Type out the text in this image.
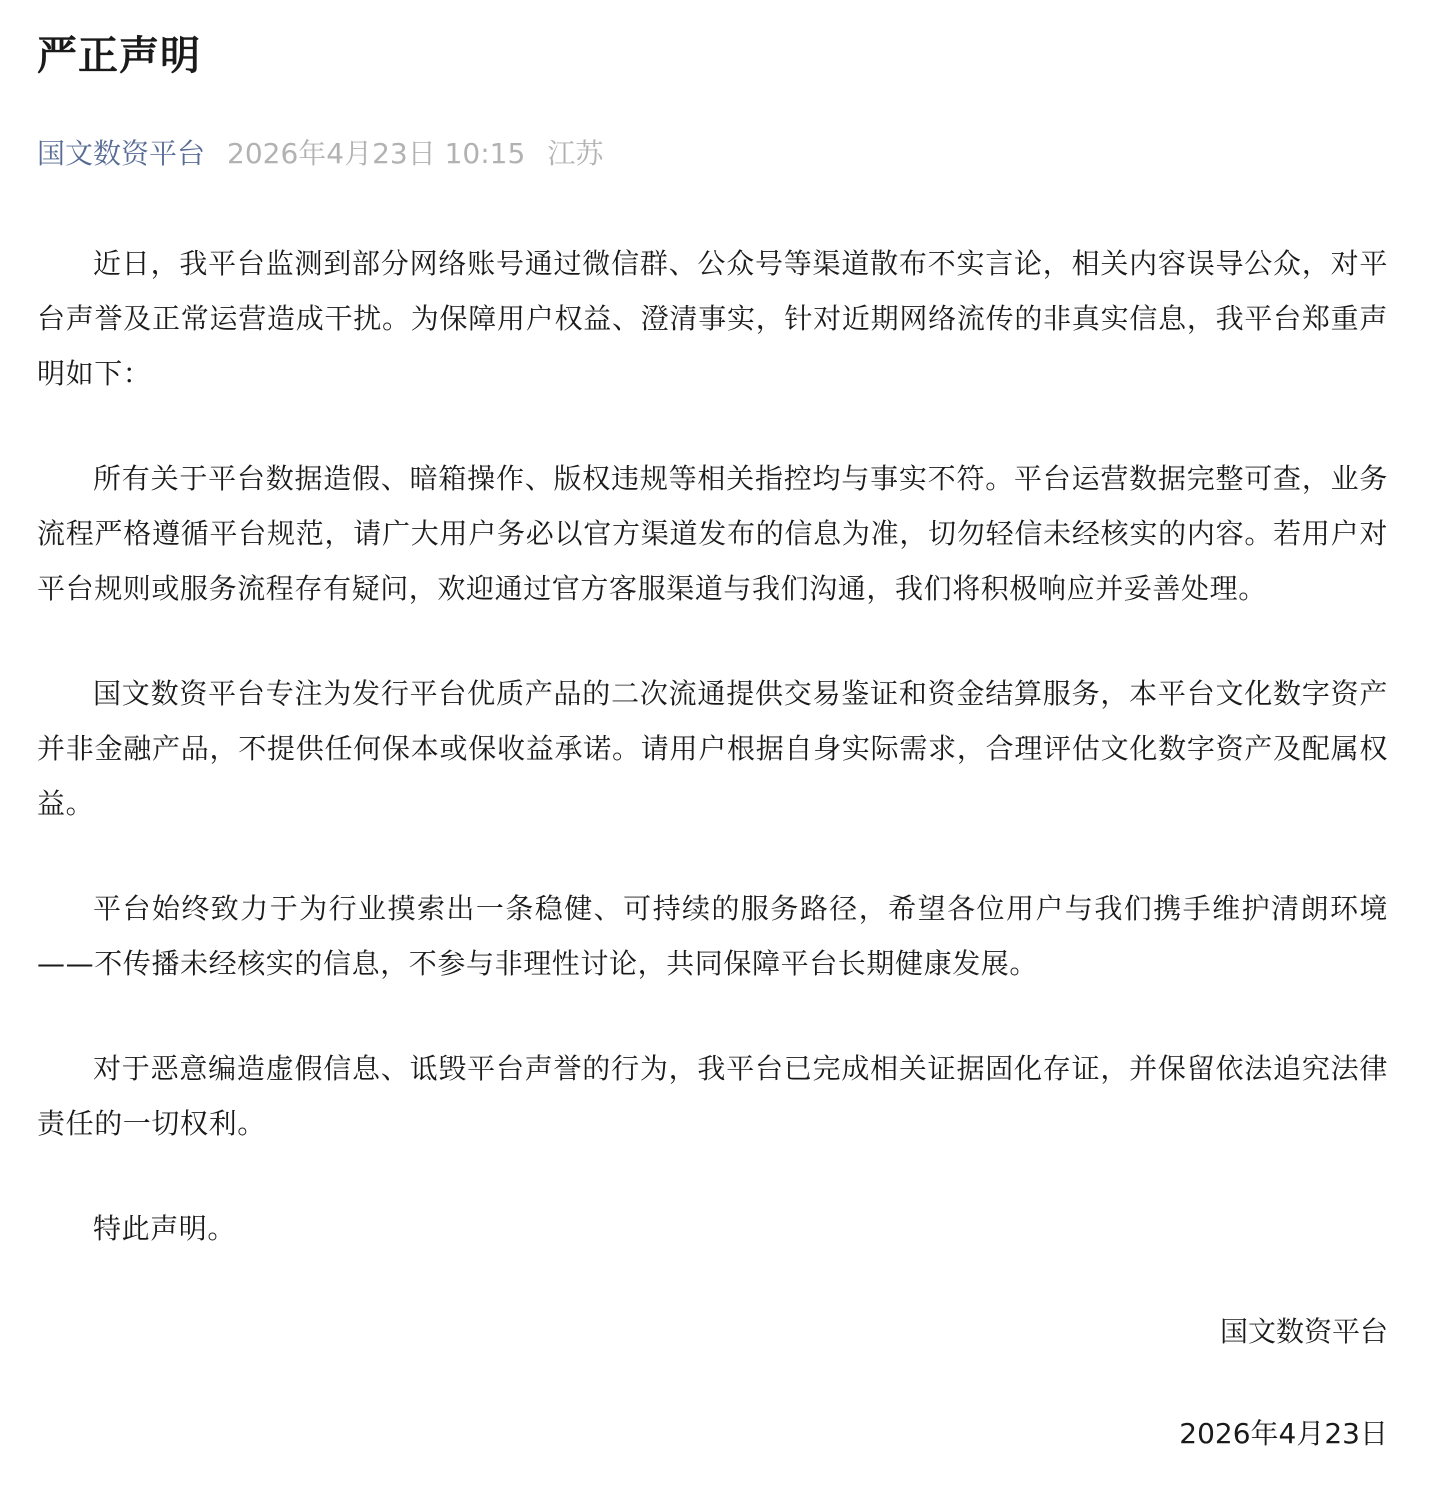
严正声明
国文数资平台 2026年4月23日 10:15 江苏

近日，我平台监测到部分网络账号通过微信群、公众号等渠道散布不实言论，相关内容误导公众，对平台声誉及正常运营造成干扰。为保障用户权益、澄清事实，针对近期网络流传的非真实信息，我平台郑重声明如下：

所有关于平台数据造假、暗箱操作、版权违规等相关指控均与事实不符。平台运营数据完整可查，业务流程严格遵循平台规范，请广大用户务必以官方渠道发布的信息为准，切勿轻信未经核实的内容。若用户对平台规则或服务流程存有疑问，欢迎通过官方客服渠道与我们沟通，我们将积极响应并妥善处理。

国文数资平台专注为发行平台优质产品的二次流通提供交易鉴证和资金结算服务，本平台文化数字资产并非金融产品，不提供任何保本或保收益承诺。请用户根据自身实际需求，合理评估文化数字资产及配属权益。

平台始终致力于为行业摸索出一条稳健、可持续的服务路径，希望各位用户与我们携手维护清朗环境——不传播未经核实的信息，不参与非理性讨论，共同保障平台长期健康发展。

对于恶意编造虚假信息、诋毁平台声誉的行为，我平台已完成相关证据固化存证，并保留依法追究法律责任的一切权利。

特此声明。

国文数资平台
2026年4月23日
